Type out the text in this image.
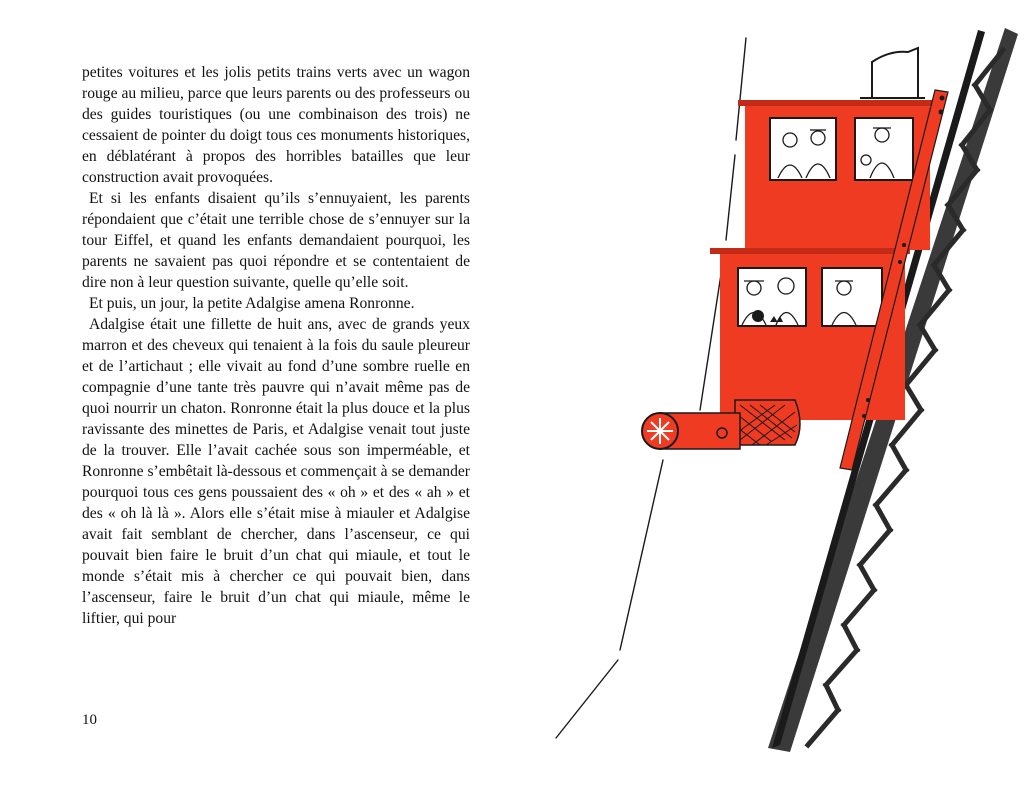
petites voitures et les jolis petits trains verts avec un wagon rouge au milieu, parce que leurs parents ou des professeurs ou des guides touristiques (ou une combinaison des trois) ne cessaient de pointer du doigt tous ces monuments historiques, en déblatérant à propos des horribles batailles que leur construction avait provoquées.

Et si les enfants disaient qu’ils s’ennuyaient, les parents répondaient que c’était une terrible chose de s’ennuyer sur la tour Eiffel, et quand les enfants demandaient pourquoi, les parents ne savaient pas quoi répondre et se contentaient de dire non à leur question suivante, quelle qu’elle soit.

Et puis, un jour, la petite Adalgise amena Ronronne.

Adalgise était une fillette de huit ans, avec de grands yeux marron et des cheveux qui tenaient à la fois du saule pleureur et de l’artichaut ; elle vivait au fond d’une sombre ruelle en compagnie d’une tante très pauvre qui n’avait même pas de quoi nourrir un chaton. Ronronne était la plus douce et la plus ravissante des minettes de Paris, et Adalgise venait tout juste de la trouver. Elle l’avait cachée sous son imperméable, et Ronronne s’embêtait là-dessous et commençait à se demander pourquoi tous ces gens poussaient des « oh » et des « ah » et des « oh là là ». Alors elle s’était mise à miauler et Adalgise avait fait semblant de chercher, dans l’ascenseur, ce qui pouvait bien faire le bruit d’un chat qui miaule, et tout le monde s’était mis à chercher ce qui pouvait bien, dans l’ascenseur, faire le bruit d’un chat qui miaule, même le liftier, qui pour

10
